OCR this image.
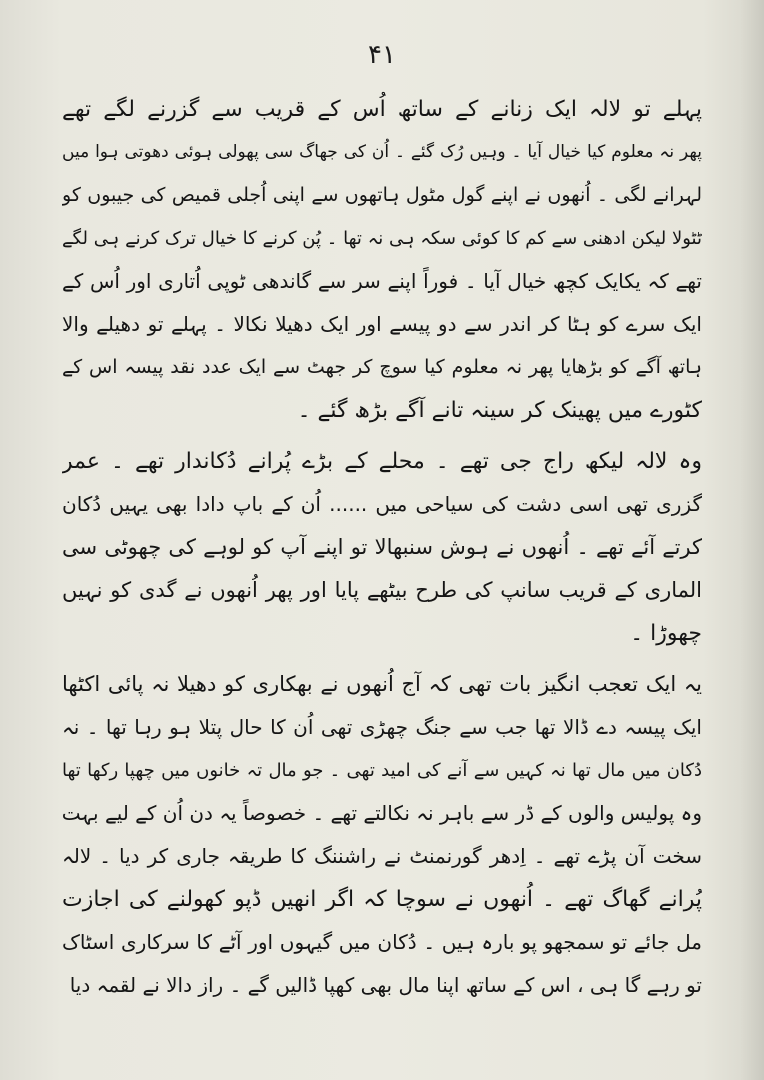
۴۱
پہلے تو لالہ ایک زنانے کے ساتھ اُس کے قریب سے گزرنے لگے تھے
پھر نہ معلوم کیا خیال آیا ۔ وہیں رُک گئے ۔ اُن کی جھاگ سی پھولی ہوئی دھوتی ہوا میں
لہرانے لگی ۔ اُنھوں نے اپنے گول مٹول ہاتھوں سے اپنی اُجلی قمیص کی جیبوں کو
ٹٹولا لیکن ادھنی سے کم کا کوئی سکہ ہی نہ تھا ۔ پُن کرنے کا خیال ترک کرنے ہی لگے
تھے کہ یکایک کچھ خیال آیا ۔ فوراً اپنے سر سے گاندھی ٹوپی اُتاری اور اُس کے
ایک سرے کو ہٹا کر اندر سے دو پیسے اور ایک دھیلا نکالا ۔ پہلے تو دھیلے والا
ہاتھ آگے کو بڑھایا پھر نہ معلوم کیا سوچ کر جھٹ سے ایک عدد نقد پیسہ اس کے
کٹورے میں پھینک کر سینہ تانے آگے بڑھ گئے ۔
وہ لالہ لیکھ راج جی تھے ۔ محلے کے بڑے پُرانے دُکاندار تھے ۔ عمر
گزری تھی اسی دشت کی سیاحی میں ...... اُن کے باپ دادا بھی یہیں دُکان
کرتے آئے تھے ۔ اُنھوں نے ہوش سنبھالا تو اپنے آپ کو لوہے کی چھوٹی سی
الماری کے قریب سانپ کی طرح بیٹھے پایا اور پھر اُنھوں نے گدی کو نہیں
چھوڑا ۔
یہ ایک تعجب انگیز بات تھی کہ آج اُنھوں نے بھکاری کو دھیلا نہ پائی اکٹھا
ایک پیسہ دے ڈالا تھا جب سے جنگ چھڑی تھی اُن کا حال پتلا ہو رہا تھا ۔ نہ
دُکان میں مال تھا نہ کہیں سے آنے کی امید تھی ۔ جو مال تہ خانوں میں چھپا رکھا تھا
وہ پولیس والوں کے ڈر سے باہر نہ نکالتے تھے ۔ خصوصاً یہ دن اُن کے لیے بہت
سخت آن پڑے تھے ۔ اِدھر گورنمنٹ نے راشننگ کا طریقہ جاری کر دیا ۔ لالہ
پُرانے گھاگ تھے ۔ اُنھوں نے سوچا کہ اگر انھیں ڈپو کھولنے کی اجازت
مل جائے تو سمجھو پو بارہ ہیں ۔ دُکان میں گیہوں اور آٹے کا سرکاری اسٹاک
تو رہے گا ہی ، اس کے ساتھ اپنا مال بھی کھپا ڈالیں گے ۔ راز دالا نے لقمہ دیا
